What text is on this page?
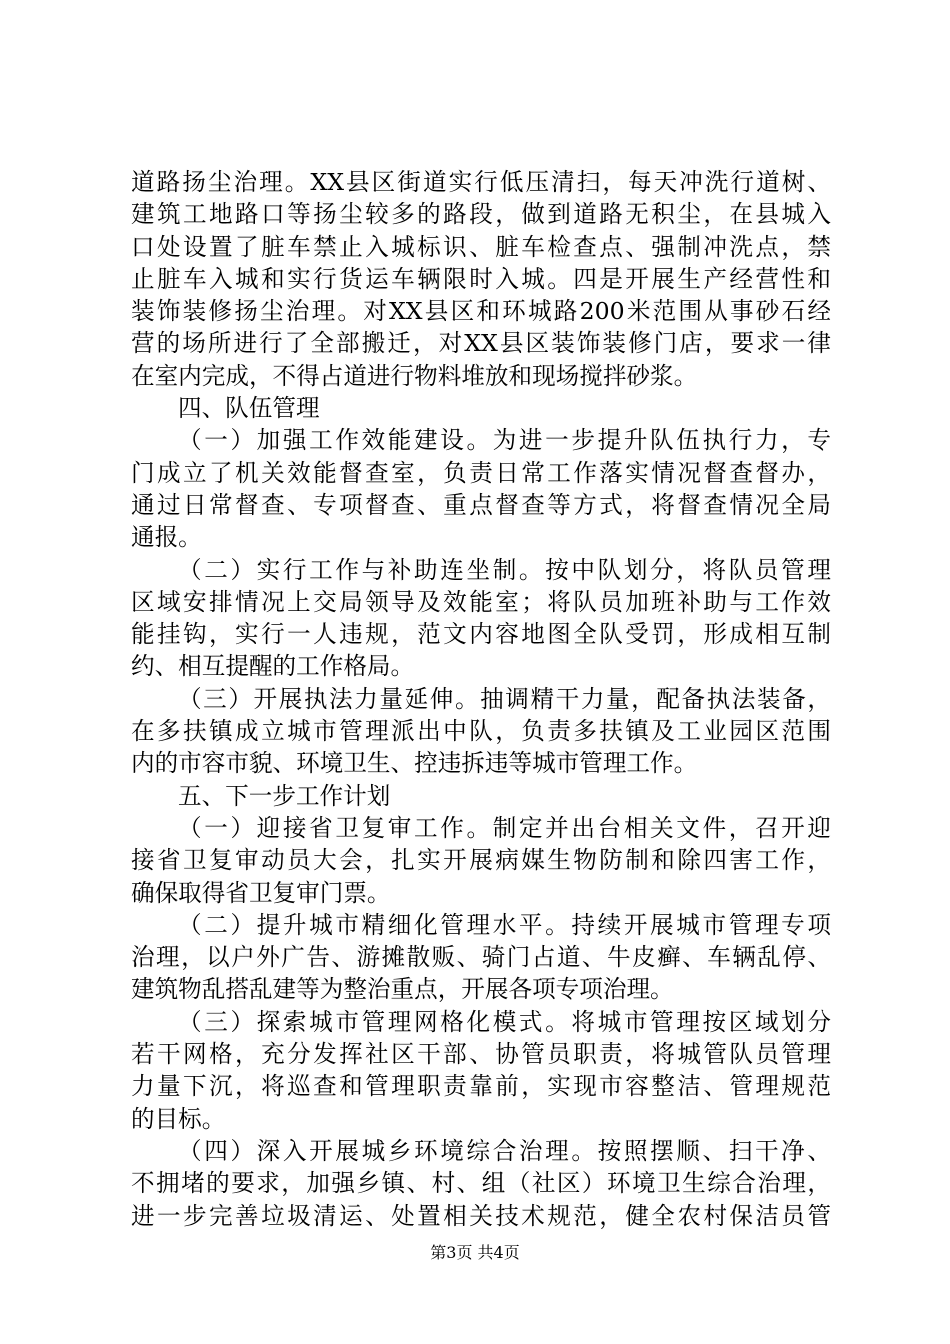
道路扬尘治理。XX县区街道实行低压清扫，每天冲洗行道树、
建筑工地路口等扬尘较多的路段，做到道路无积尘，在县城入
口处设置了脏车禁止入城标识、脏车检查点、强制冲洗点，禁
止脏车入城和实行货运车辆限时入城。四是开展生产经营性和
装饰装修扬尘治理。对XX县区和环城路200米范围从事砂石经
营的场所进行了全部搬迁，对XX县区装饰装修门店，要求一律
在室内完成，不得占道进行物料堆放和现场搅拌砂浆。
四、队伍管理
（一）加强工作效能建设。为进一步提升队伍执行力，专
门成立了机关效能督查室，负责日常工作落实情况督查督办，
通过日常督查、专项督查、重点督查等方式，将督查情况全局
通报。
（二）实行工作与补助连坐制。按中队划分，将队员管理
区域安排情况上交局领导及效能室；将队员加班补助与工作效
能挂钩，实行一人违规，范文内容地图全队受罚，形成相互制
约、相互提醒的工作格局。
（三）开展执法力量延伸。抽调精干力量，配备执法装备，
在多扶镇成立城市管理派出中队，负责多扶镇及工业园区范围
内的市容市貌、环境卫生、控违拆违等城市管理工作。
五、下一步工作计划
（一）迎接省卫复审工作。制定并出台相关文件，召开迎
接省卫复审动员大会，扎实开展病媒生物防制和除四害工作，
确保取得省卫复审门票。
（二）提升城市精细化管理水平。持续开展城市管理专项
治理，以户外广告、游摊散贩、骑门占道、牛皮癣、车辆乱停、
建筑物乱搭乱建等为整治重点，开展各项专项治理。
（三）探索城市管理网格化模式。将城市管理按区域划分
若干网格，充分发挥社区干部、协管员职责，将城管队员管理
力量下沉，将巡查和管理职责靠前，实现市容整洁、管理规范
的目标。
（四）深入开展城乡环境综合治理。按照摆顺、扫干净、
不拥堵的要求，加强乡镇、村、组（社区）环境卫生综合治理，
进一步完善垃圾清运、处置相关技术规范，健全农村保洁员管
第3页 共4页
